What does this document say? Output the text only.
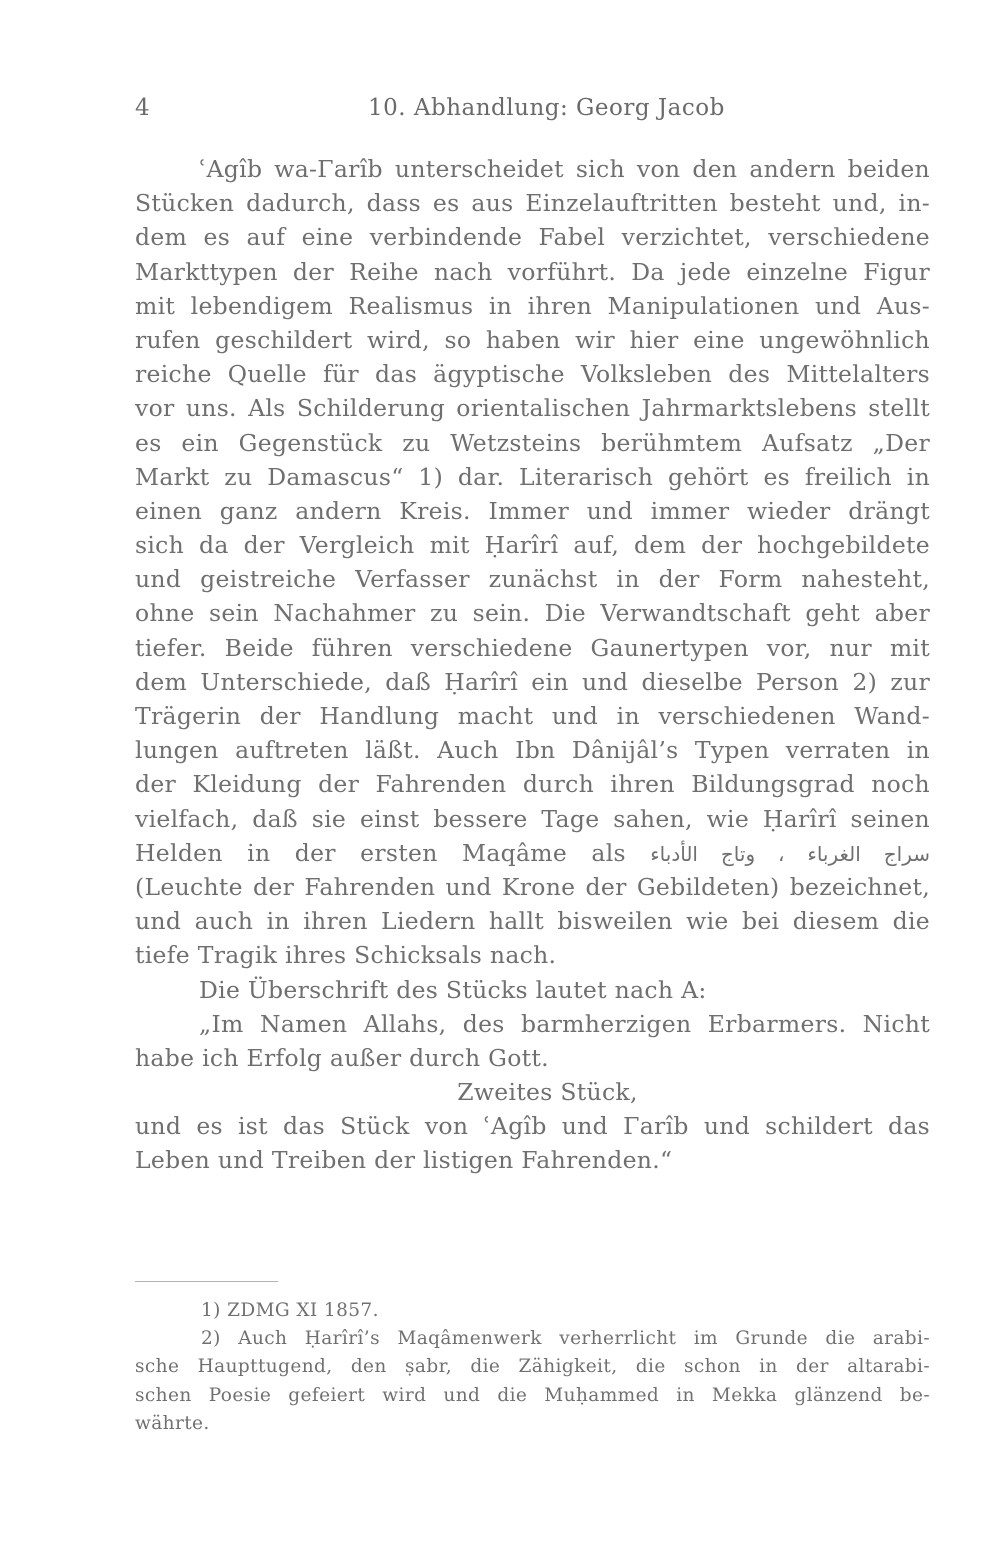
4	10. Abhandlung: Georg Jacob
ʿAgîb wa-Γarîb unterscheidet sich von den andern beiden
Stücken dadurch, dass es aus Einzelauftritten besteht und, in-
dem es auf eine verbindende Fabel verzichtet, verschiedene
Markttypen der Reihe nach vorführt. Da jede einzelne Figur
mit lebendigem Realismus in ihren Manipulationen und Aus-
rufen geschildert wird, so haben wir hier eine ungewöhnlich
reiche Quelle für das ägyptische Volksleben des Mittelalters
vor uns. Als Schilderung orientalischen Jahrmarktslebens stellt
es ein Gegenstück zu Wetzsteins berühmtem Aufsatz „Der
Markt zu Damascus“ 1) dar. Literarisch gehört es freilich in
einen ganz andern Kreis. Immer und immer wieder drängt
sich da der Vergleich mit Ḥarîrî auf, dem der hochgebildete
und geistreiche Verfasser zunächst in der Form nahesteht,
ohne sein Nachahmer zu sein. Die Verwandtschaft geht aber
tiefer. Beide führen verschiedene Gaunertypen vor, nur mit
dem Unterschiede, daß Ḥarîrî ein und dieselbe Person 2) zur
Trägerin der Handlung macht und in verschiedenen Wand-
lungen auftreten läßt. Auch Ibn Dânijâl’s Typen verraten in
der Kleidung der Fahrenden durch ihren Bildungsgrad noch
vielfach, daß sie einst bessere Tage sahen, wie Ḥarîrî seinen
Helden in der ersten Maqâme als سراج الغرباء ، وتاج الأدباء
(Leuchte der Fahrenden und Krone der Gebildeten) bezeichnet,
und auch in ihren Liedern hallt bisweilen wie bei diesem die
tiefe Tragik ihres Schicksals nach.
Die Überschrift des Stücks lautet nach A:
„Im Namen Allahs, des barmherzigen Erbarmers. Nicht
habe ich Erfolg außer durch Gott.
Zweites Stück,
und es ist das Stück von ʿAgîb und Γarîb und schildert das
Leben und Treiben der listigen Fahrenden.“
1) ZDMG XI 1857.
2) Auch Ḥarîrî’s Maqâmenwerk verherrlicht im Grunde die arabi-
sche Haupttugend, den ṣabr, die Zähigkeit, die schon in der altarabi-
schen Poesie gefeiert wird und die Muḥammed in Mekka glänzend be-
währte.
